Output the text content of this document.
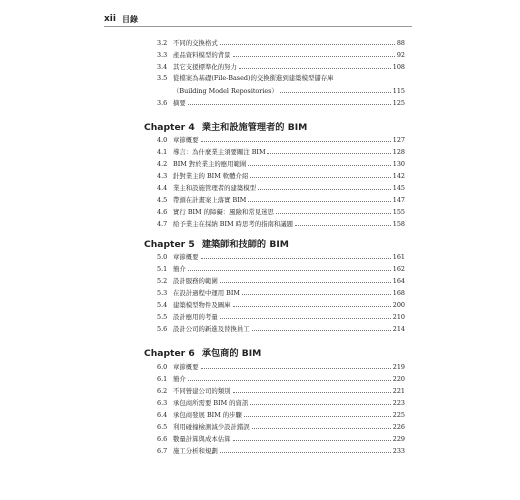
xii 目錄
3.2 不同的交換格式	88
3.3 產品資料模型的背景	92
3.4 其它支援標準化的努力	108
3.5 從檔案為基礎(File-Based)的交換銜進到建築模型儲存庫
（Building Model Repositories）	115
3.6 摘要	125
Chapter 4 業主和設施管理者的 BIM
4.0 章節概要	127
4.1 導言：為什麼業主須要關注 BIM	128
4.2 BIM 對於業主的應用範圍	130
4.3 針對業主的 BIM 軟體介紹	142
4.4 業主和設施管理者的建築模型	145
4.5 帶頭在計畫案上落實 BIM	147
4.6 實行 BIM 的障礙：風險和常見迷思	155
4.7 給予業主在採納 BIM 時思考的指南和議題	158
Chapter 5 建築師和技師的 BIM
5.0 章節概要	161
5.1 簡介	162
5.2 設計服務的範圍	164
5.3 在設計過程中運用 BIM	168
5.4 建築模型物件及圖庫	200
5.5 設計應用的考量	210
5.6 設計公司的新進及替換員工	214
Chapter 6 承包商的 BIM
6.0 章節概要	219
6.1 簡介	220
6.2 不同營建公司的類別	221
6.3 承包商所需要 BIM 的資訊	223
6.4 承包商發展 BIM 的步驟	225
6.5 利用碰撞檢測減少設計錯誤	226
6.6 數量計算與成本估算	229
6.7 施工分析和規劃	233
